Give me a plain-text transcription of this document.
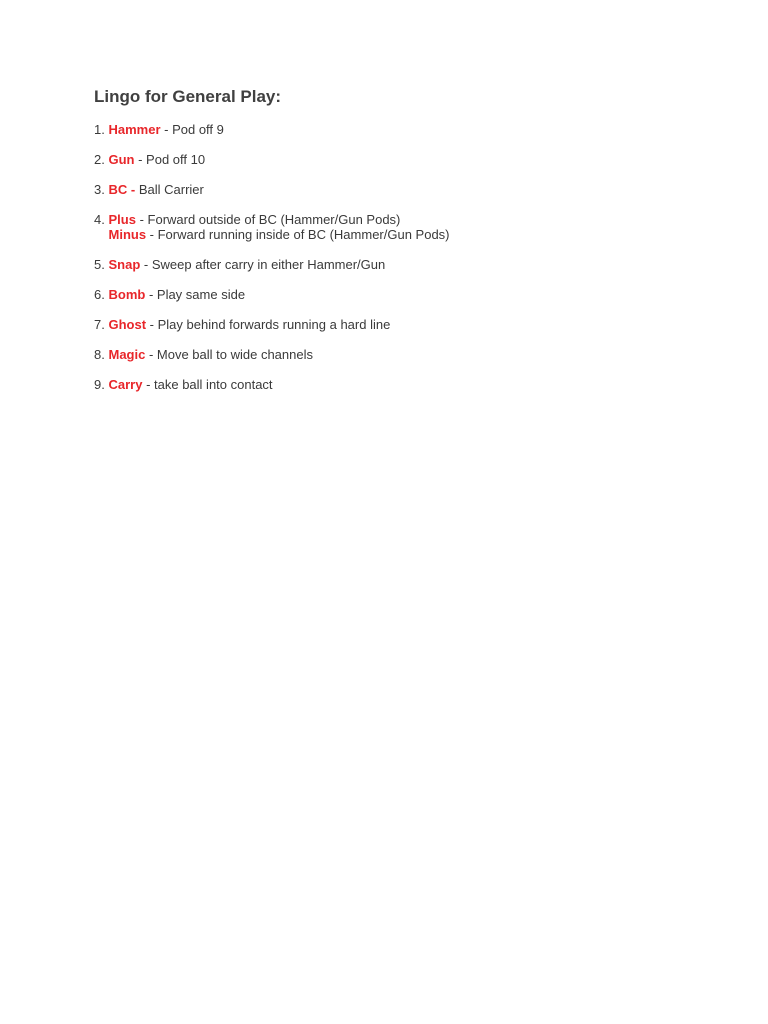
Lingo for General Play:
1. Hammer - Pod off 9
2. Gun - Pod off 10
3. BC - Ball Carrier
4. Plus - Forward outside of BC (Hammer/Gun Pods)
Minus - Forward running inside of BC (Hammer/Gun Pods)
5. Snap - Sweep after carry in either Hammer/Gun
6. Bomb - Play same side
7. Ghost - Play behind forwards running a hard line
8. Magic - Move ball to wide channels
9. Carry - take ball into contact
